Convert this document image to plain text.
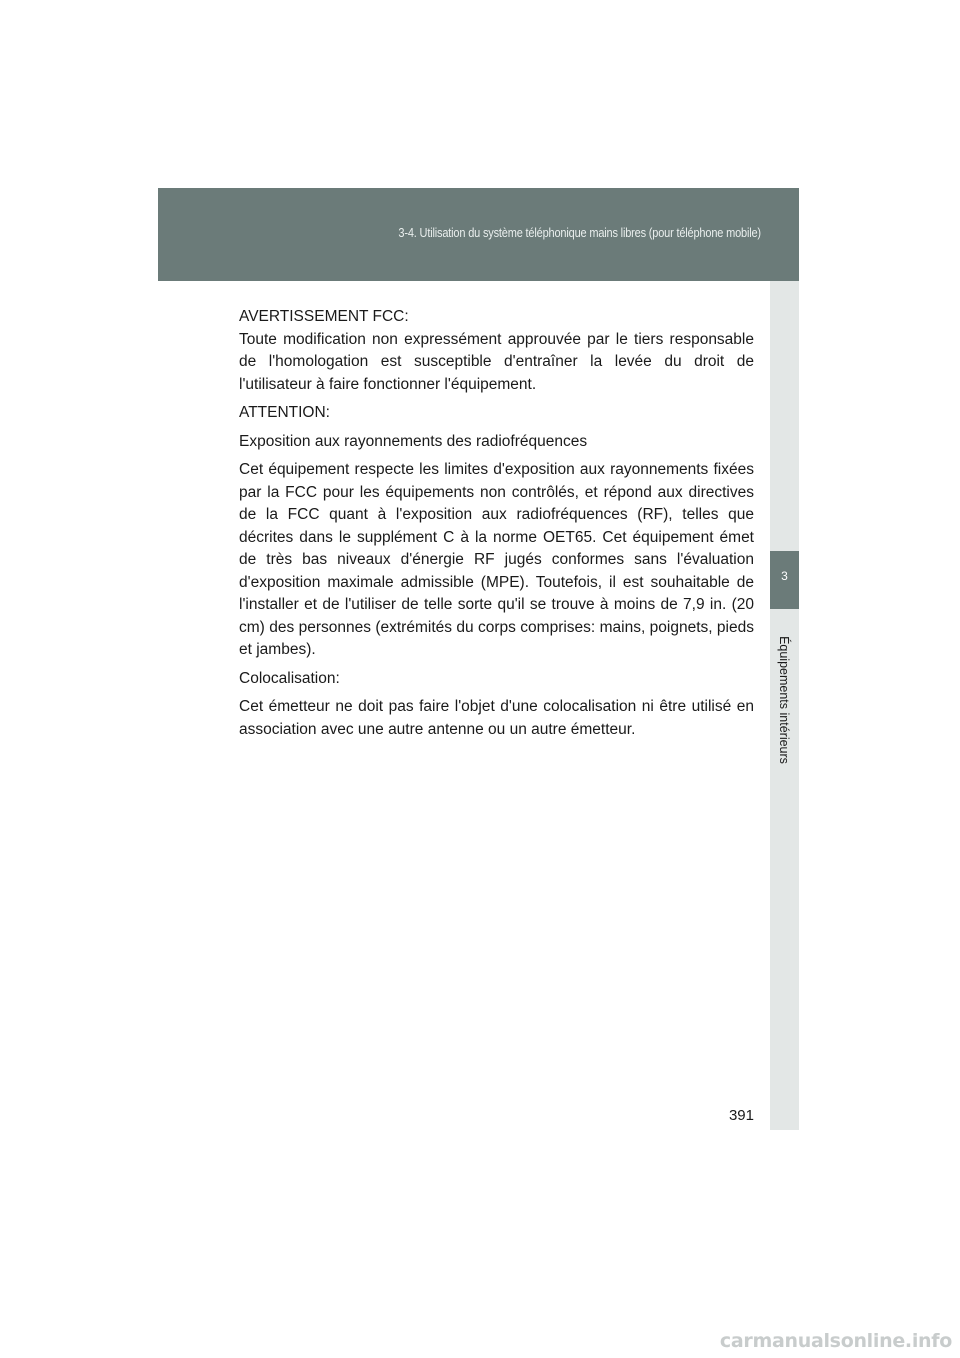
3-4. Utilisation du système téléphonique mains libres (pour téléphone mobile)
3
Équipements intérieurs

AVERTISSEMENT FCC:

Toute modification non expressément approuvée par le tiers responsable de l'homologation est susceptible d'entraîner la levée du droit de l'utilisateur à faire fonctionner l'équipement.

ATTENTION:

Exposition aux rayonnements des radiofréquences

Cet équipement respecte les limites d'exposition aux rayonnements fixées par la FCC pour les équipements non contrôlés, et répond aux directives de la FCC quant à l'exposition aux radiofréquences (RF), telles que décrites dans le supplément C à la norme OET65. Cet équipement émet de très bas niveaux d'énergie RF jugés conformes sans l'évaluation d'exposition maximale admissible (MPE). Toutefois, il est souhaitable de l'installer et de l'utiliser de telle sorte qu'il se trouve à moins de 7,9 in. (20 cm) des personnes (extrémités du corps comprises: mains, poignets, pieds et jambes).

Colocalisation:

Cet émetteur ne doit pas faire l'objet d'une colocalisation ni être utilisé en association avec une autre antenne ou un autre émetteur.

391
carmanualsonline.info
